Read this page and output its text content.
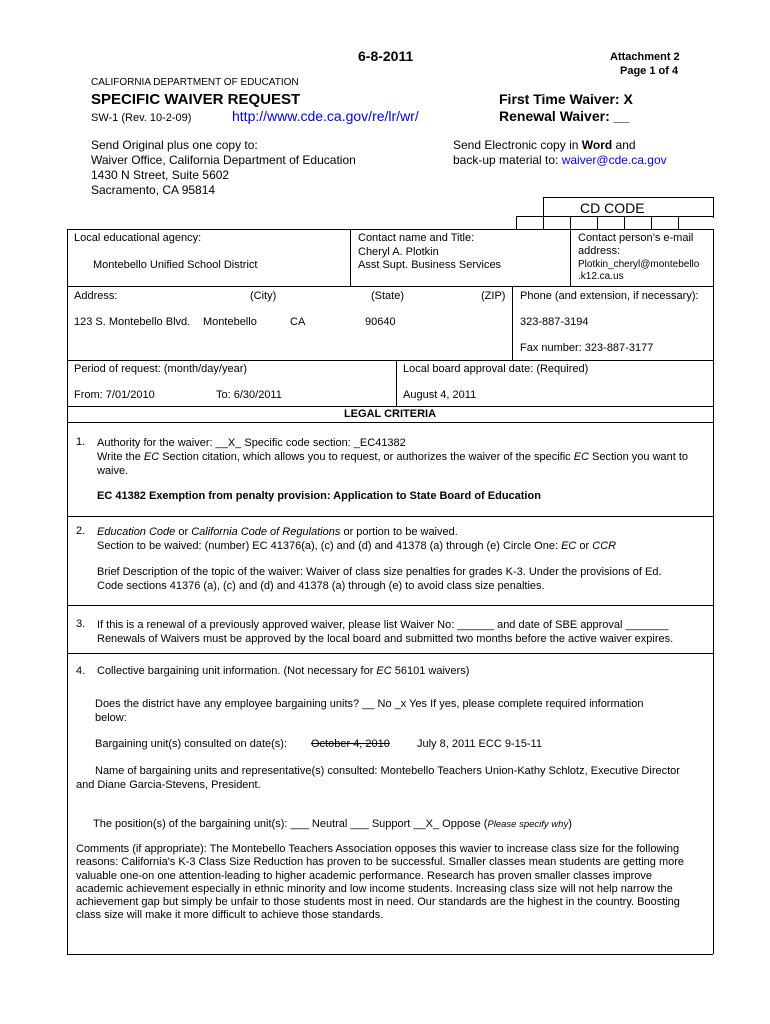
6-8-2011	Attachment 2
Page 1 of 4
CALIFORNIA DEPARTMENT OF EDUCATION
SPECIFIC WAIVER REQUEST
SW-1 (Rev. 10-2-09)	http://www.cde.ca.gov/re/lr/wr/
First Time Waiver: X
Renewal Waiver: __
Send Original plus one copy to:
Waiver Office, California Department of Education
1430 N Street, Suite 5602
Sacramento, CA 95814
Send Electronic copy in Word and
back-up material to: waiver@cde.ca.gov
CD CODE
Local educational agency:
Montebello Unified School District
Contact name and Title:
Cheryl A. Plotkin
Asst Supt. Business Services
Contact person’s e-mail
address:
Plotkin_cheryl@montebello
.k12.ca.us
Address:	(City)	(State)	(ZIP)
123 S. Montebello Blvd. Montebello	CA	90640
Phone (and extension, if necessary):
323-887-3194
Fax number: 323-887-3177
Period of request: (month/day/year)
From: 7/01/2010	To: 6/30/2011
Local board approval date: (Required)
August 4, 2011
LEGAL CRITERIA
1. Authority for the waiver: __X_ Specific code section: _EC41382
Write the EC Section citation, which allows you to request, or authorizes the waiver of the specific EC Section you want to
waive.
EC 41382 Exemption from penalty provision: Application to State Board of Education
2. Education Code or California Code of Regulations or portion to be waived.
Section to be waived: (number) EC 41376(a), (c) and (d) and 41378 (a) through (e) Circle One: EC or CCR
Brief Description of the topic of the waiver: Waiver of class size penalties for grades K-3. Under the provisions of Ed.
Code sections 41376 (a), (c) and (d) and 41378 (a) through (e) to avoid class size penalties.
3. If this is a renewal of a previously approved waiver, please list Waiver No: ______ and date of SBE approval _______
Renewals of Waivers must be approved by the local board and submitted two months before the active waiver expires.
4. Collective bargaining unit information. (Not necessary for EC 56101 waivers)
Does the district have any employee bargaining units? __ No _x Yes If yes, please complete required information
below:
Bargaining unit(s) consulted on date(s): October 4, 2010 July 8, 2011 ECC 9-15-11
Name of bargaining units and representative(s) consulted: Montebello Teachers Union-Kathy Schlotz, Executive Director
and Diane Garcia-Stevens, President.
The position(s) of the bargaining unit(s): ___ Neutral ___ Support __X_ Oppose (Please specify why)
Comments (if appropriate): The Montebello Teachers Association opposes this wavier to increase class size for the following
reasons: California's K-3 Class Size Reduction has proven to be successful. Smaller classes mean students are getting more
valuable one-on one attention-leading to higher academic performance. Research has proven smaller classes improve
academic achievement especially in ethnic minority and low income students. Increasing class size will not help narrow the
achievement gap but simply be unfair to those students most in need. Our standards are the highest in the country. Boosting
class size will make it more difficult to achieve those standards.
